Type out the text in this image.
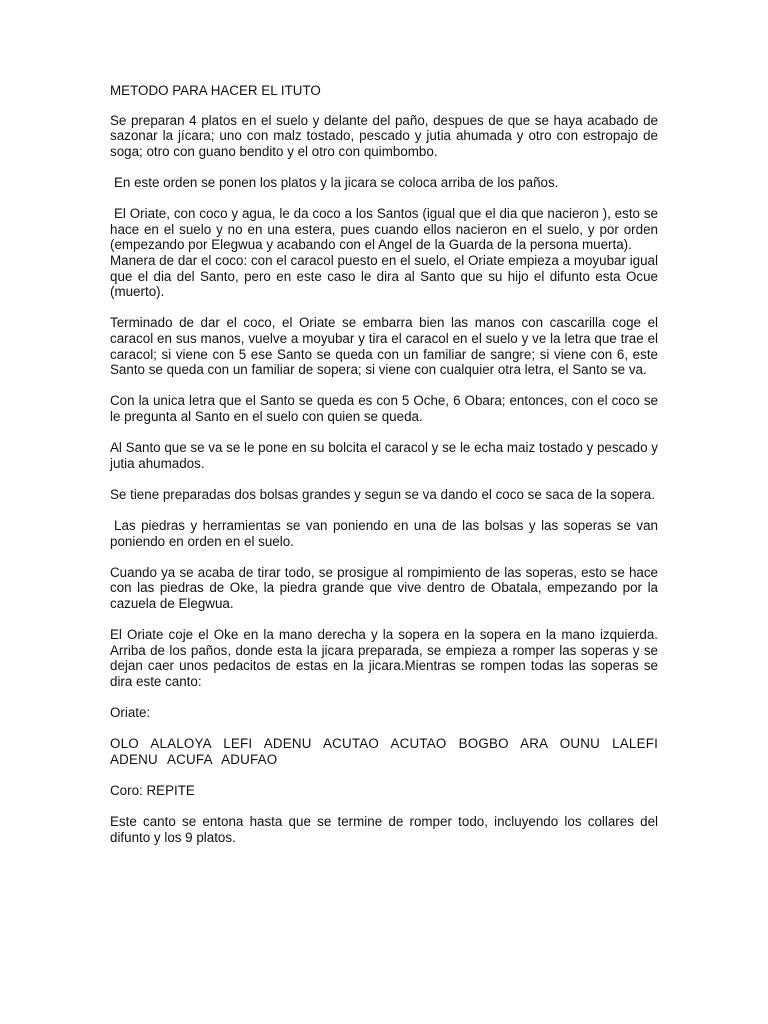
METODO PARA HACER EL ITUTO

Se preparan 4 platos en el suelo y delante del paño, despues de que se haya acabado de sazonar la jícara; uno con malz tostado, pescado y jutia ahumada y otro con estropajo de soga; otro con guano bendito y el otro con quimbombo.

En este orden se ponen los platos y la jicara se coloca arriba de los paños.

El Oriate, con coco y agua, le da coco a los Santos (igual que el dia que nacieron ), esto se hace en el suelo y no en una estera, pues cuando ellos nacieron en el suelo, y por orden (empezando por Elegwua y acabando con el Angel de la Guarda de la persona muerta).

Manera de dar el coco: con el caracol puesto en el suelo, el Oriate empieza a moyubar igual que el dia del Santo, pero en este caso le dira al Santo que su hijo el difunto esta Ocue (muerto).

Terminado de dar el coco, el Oriate se embarra bien las manos con cascarilla coge el caracol en sus manos, vuelve a moyubar y tira el caracol en el suelo y ve la letra que trae el caracol; si viene con 5 ese Santo se queda con un familiar de sangre; si viene con 6, este Santo se queda con un familiar de sopera; si viene con cualquier otra letra, el Santo se va.

Con la unica letra que el Santo se queda es con 5 Oche, 6 Obara; entonces, con el coco se le pregunta al Santo en el suelo con quien se queda.

Al Santo que se va se le pone en su bolcita el caracol y se le echa maiz tostado y pescado y jutia ahumados.

Se tiene preparadas dos bolsas grandes y segun se va dando el coco se saca de la sopera.

Las piedras y herramientas se van poniendo en una de las bolsas y las soperas se van poniendo en orden en el suelo.

Cuando ya se acaba de tirar todo, se prosigue al rompimiento de las soperas, esto se hace con las piedras de Oke, la piedra grande que vive dentro de Obatala, empezando por la cazuela de Elegwua.

El Oriate coje el Oke en la mano derecha y la sopera en la sopera en la mano izquierda. Arriba de los paños, donde esta la jicara preparada, se empieza a romper las soperas y se dejan caer unos pedacitos de estas en la jicara.Mientras se rompen todas las soperas se dira este canto:

Oriate:

OLO ALALOYA LEFI ADENU ACUTAO ACUTAO BOGBO ARA OUNU LALEFI ADENU ACUFA ADUFAO

Coro: REPITE

Este canto se entona hasta que se termine de romper todo, incluyendo los collares del difunto y los 9 platos.
